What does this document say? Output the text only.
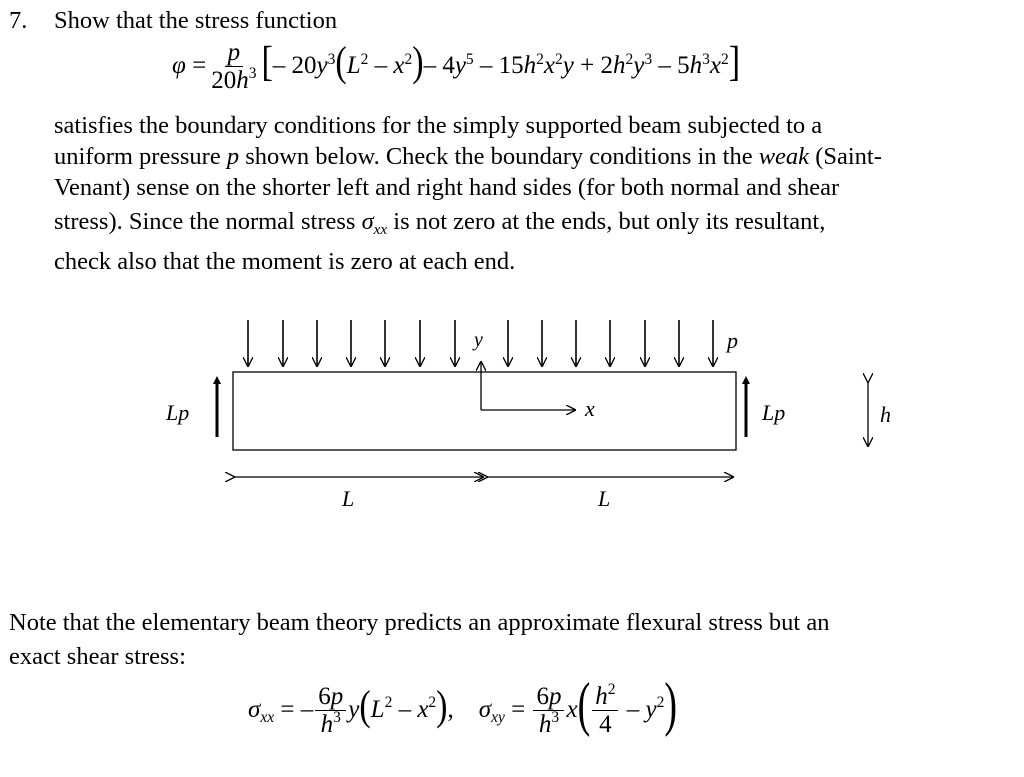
7. Show that the stress function
$\varphi = \frac{p}{20h^3}$ [– $20y^3(L^2 - x^2)-$ $4y^5 - 15h^2x^2y + 2h^2y^3 - 5h^3x^2$]
satisfies the boundary conditions for the simply supported beam subjected to a
uniform pressure p shown below. Check the boundary conditions in the weak (Saint-
Venant) sense on the shorter left and right hand sides (for both normal and shear
stress). Since the normal stress $\sigma_{xx}$ is not zero at the ends, but only its resultant,
check also that the moment is zero at each end.
y	p
x
Lp	Lp	h
L	L
Note that the elementary beam theory predicts an approximate flexural stress but an
exact shear stress:
$\sigma_{xx}$ = – $\frac{6p}{h^3} y(L^2 - x^2)$,    $\sigma_{xy} = \frac{6p}{h^3} x( \frac{h^2}{4} - y^2)$
